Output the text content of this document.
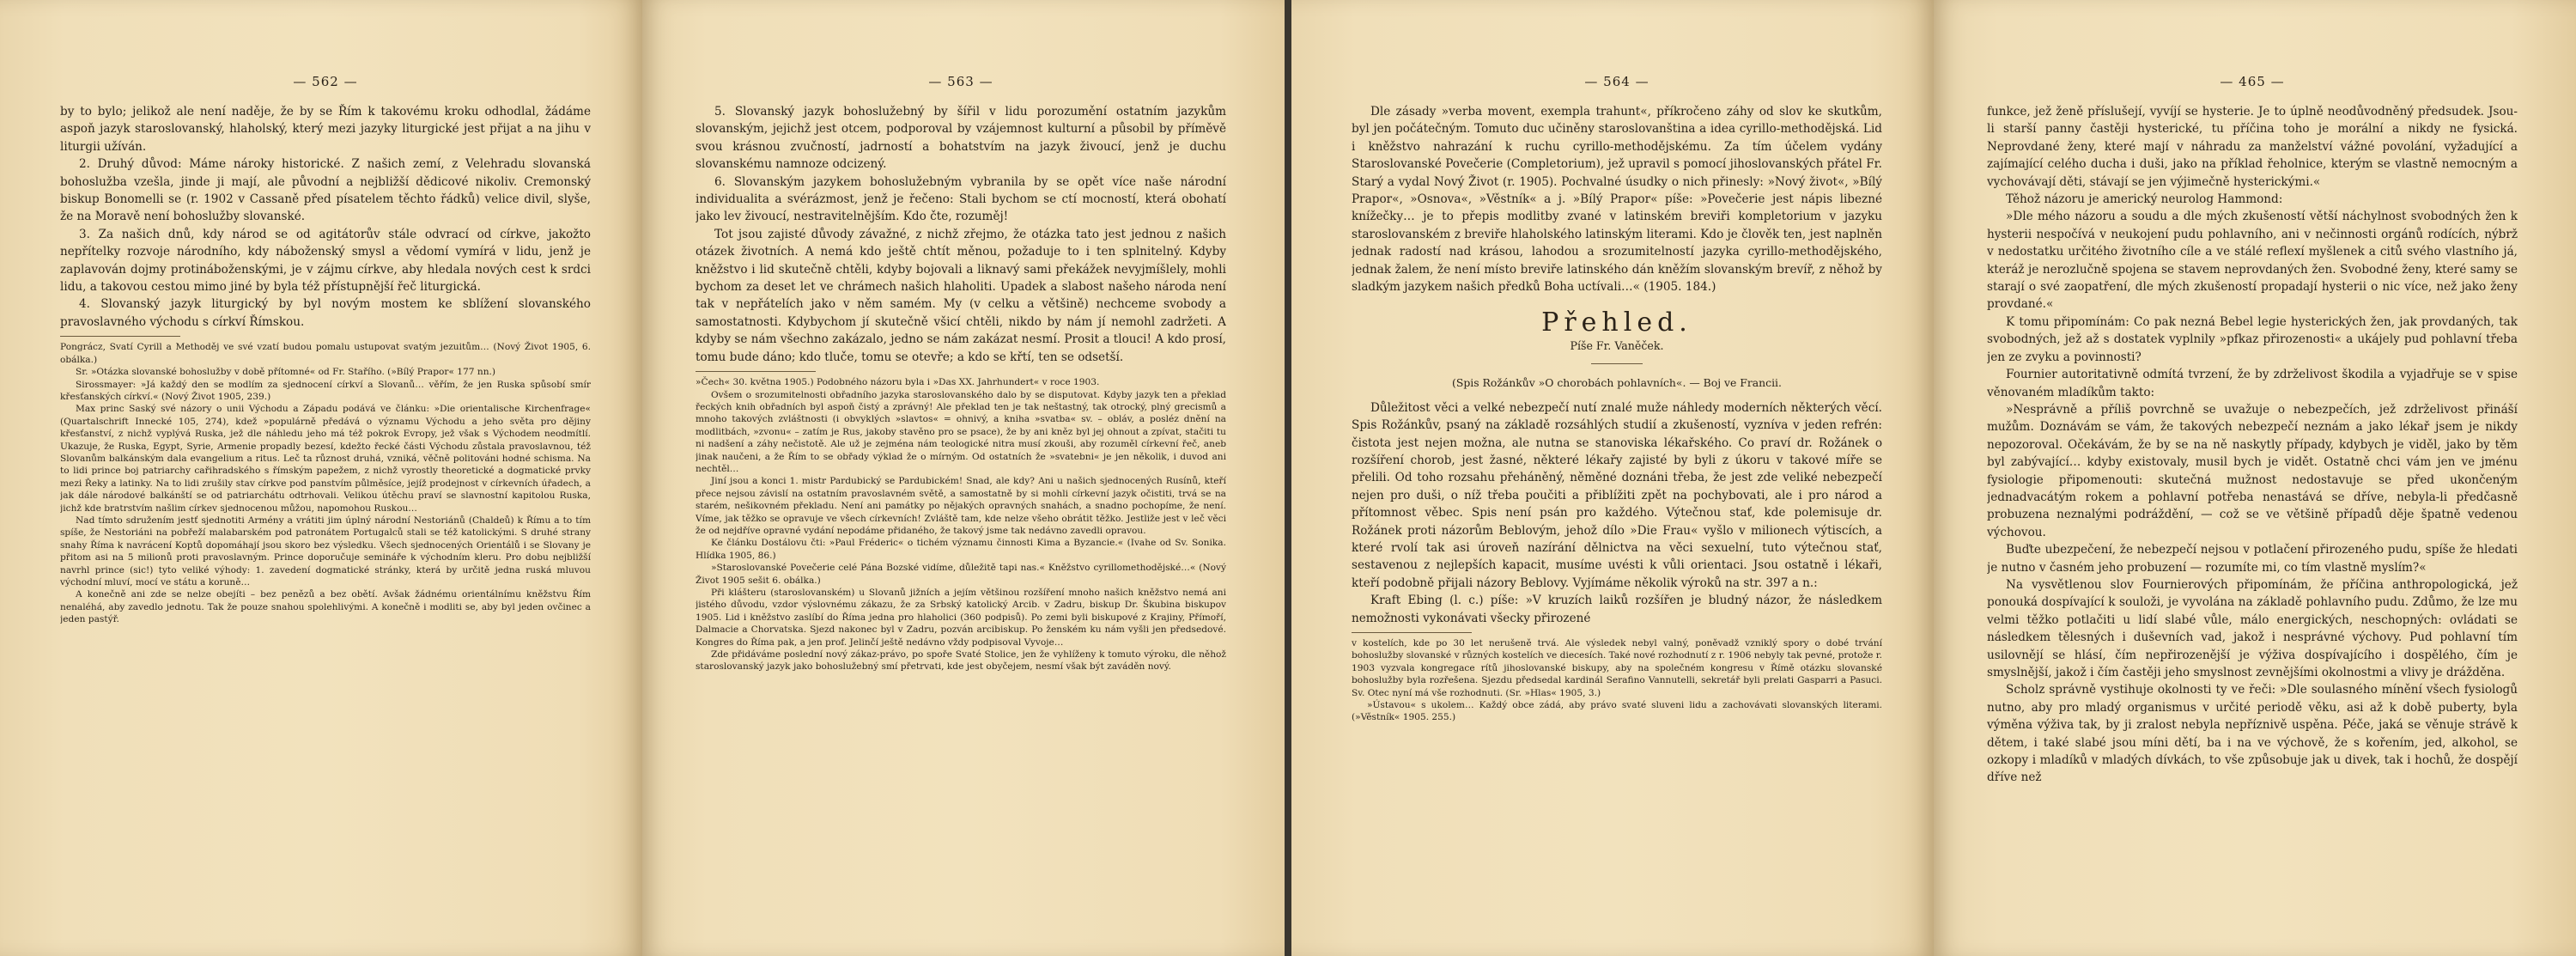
— 562 —

by to bylo; jelikož ale není naděje, že by se Řím k takovému kroku odhodlal, žádáme aspoň jazyk staroslovanský, hlaholský, který mezi jazyky liturgické jest přijat a na jihu v liturgii užíván.

2. Druhý důvod: Máme nároky historické. Z našich zemí, z Velehradu slovanská bohoslužba vzešla, jinde ji mají, ale původní a nejbližší dědicové nikoliv. Cremonský biskup Bonomelli se (r. 1902 v Cassaně před písatelem těchto řádků) velice divil, slyše, že na Moravě není bohoslužby slovanské.

3. Za našich dnů, kdy národ se od agitátorův stále odvrací od církve, jakožto nepřítelky rozvoje národního, kdy náboženský smysl a vědomí vymírá v lidu, jenž je zaplavován dojmy protináboženskými, je v zájmu církve, aby hledala nových cest k srdci lidu, a takovou cestou mimo jiné by byla též přístupnější řeč liturgická.

4. Slovanský jazyk liturgický by byl novým mostem ke sblížení slovanského pravoslavného východu s církví Římskou.

Pongrácz, Svatí Cyrill a Methoděj ve své vzatí budou pomalu ustupovat svatým jezuitům… (Nový Život 1905, 6. obálka.)

Sr. »Otázka slovanské bohoslužby v době přítomné« od Fr. Stařího. (»Bílý Prapor« 177 nn.)

Sirossmayer: »Já každý den se modlím za sjednocení církví a Slovanů… věřím, že jen Ruska spůsobí smír křesťanských církví.« (Nový Život 1905, 239.)

Max princ Saský své názory o unii Východu a Západu podává ve článku: »Die orientalische Kirchenfrage« (Quartalschrift Innecké 105, 274), kdež »populárně předává o významu Východu a jeho světa pro dějiny křesťanství, z nichž vyplývá Ruska, jež dle náhledu jeho má též pokrok Evropy, jež však s Východem neodmítlí. Ukazuje, že Ruska, Egypt, Syrie, Armenie propadly bezesí, kdežto řecké části Východu zůstala pravoslavnou, též Slovanům balkánským dala evangelium a ritus. Leč ta různost druhá, vzniká, věčně politováni hodné schisma. Na to lidi prince boj patriarchy cařihradského s římským papežem, z nichž vyrostly theoretické a dogmatické prvky mezi Řeky a latinky. Na to lidi zrušily stav církve pod panstvím půlměsíce, jejíž prodejnost v církevních úřadech, a jak dále národové balkánští se od patriarchátu odtrhovali. Velikou útěchu praví se slavnostní kapitolou Ruska, jichž kde bratrstvím našlim církev sjednocenou můžou, napomohou Ruskou…

Nad tímto sdružením jestť sjednotiti Armény a vrátiti jim úplný národní Nestoriánů (Chaldeů) k Římu a to tím spíše, že Nestoriáni na pobřeží malabarském pod patronátem Portugalců stali se též katolickými. S druhé strany snahy Říma k navrácení Koptů dopomáhají jsou skoro bez výsledku. Všech sjednocených Orientálů i se Slovany je přitom asi na 5 milionů proti pravoslavným. Prince doporučuje semináře k východním kleru. Pro dobu nejbližší navrhl prince (sic!) tyto veliké výhody: 1. zavedení dogmatické stránky, která by určitě jedna ruská mluvou východní mluví, mocí ve státu a koruně…

A konečně ani zde se nelze obejíti – bez penězů a bez obětí. Avšak žádnému orientálnímu kněžstvu Řím nenaléhá, aby zavedlo jednotu. Tak že pouze snahou spolehlivými. A konečně i modliti se, aby byl jeden ovčinec a jeden pastýř.

— 563 —

5. Slovanský jazyk bohoslužebný by šířil v lidu porozumění ostatním jazykům slovanským, jejichž jest otcem, podporoval by vzájemnost kulturní a působil by příměvě svou krásnou zvučností, jadrností a bohatstvím na jazyk živoucí, jenž je duchu slovanskému namnoze odcizený.

6. Slovanským jazykem bohoslužebným vybranila by se opět více naše národní individualita a svérázmost, jenž je řečeno: Stali bychom se ctí mocností, která obohatí jako lev živoucí, nestravitelnějším. Kdo čte, rozuměj!

Tot jsou zajisté důvody závažné, z nichž zřejmo, že otázka tato jest jednou z našich otázek životních. A nemá kdo ještě chtít měnou, požaduje to i ten splnitelný. Kdyby kněžstvo i lid skutečně chtěli, kdyby bojovali a liknavý sami překážek nevyjmíšlely, mohli bychom za deset let ve chrámech našich hlaholiti. Upadek a slabost našeho národa není tak v nepřátelích jako v něm samém. My (v celku a většině) nechceme svobody a samostatnosti. Kdybychom jí skutečně všicí chtěli, nikdo by nám jí nemohl zadržeti. A kdyby se nám všechno zakázalo, jedno se nám zakázat nesmí. Prosit a tlouci! A kdo prosí, tomu bude dáno; kdo tluče, tomu se otevře; a kdo se křtí, ten se odsetší.

»Čech« 30. května 1905.) Podobného názoru byla i »Das XX. Jahrhundert« v roce 1903.

Ovšem o srozumitelnosti obřadního jazyka staroslovanského dalo by se disputovat. Kdyby jazyk ten a překlad řeckých knih obřadních byl aspoň čistý a zprávný! Ale překlad ten je tak neštastný, tak otrocký, plný grecismů a mnoho takových zvláštnosti (i obvyklých »slavtos« = ohnivý, a kniha »svatba« sv. – obláv, a posléz dnění na modlitbách, »zvonu« – zatím je Rus, jakoby stavěno pro se psace), že by ani kněz byl jej ohnout a zpívat, stačiti tu ni nadšení a záhy nečistotě. Ale už je zejména nám teologické nitra musí zkouši, aby rozuměl církevní řeč, aneb jinak naučeni, a že Řím to se obřady výklad že o mírným. Od ostatních že »svatebni« je jen několik, i duvod ani nechtěl…

Jiní jsou a konci 1. mistr Pardubický se Pardubickém! Snad, ale kdy? Ani u našich sjednocených Rusínů, kteří přece nejsou závislí na ostatním pravoslavném světě, a samostatně by si mohli církevní jazyk očistiti, trvá se na starém, nešikovném překladu. Není ani památky po nějakých opravných snahách, a snadno pochopíme, že není. Víme, jak těžko se opravuje ve všech církevních! Zvláště tam, kde nelze všeho obrátit těžko. Jestliže jest v leč věci že od nejdříve opravné vydání nepodáme přidaného, že takový jsme tak nedávno zavedli opravou.

Ke článku Dostálovu čti: »Paul Fréderic« o tichém významu činnosti Kima a Byzancie.« (Ivahe od Sv. Sonika. Hlídka 1905, 86.)

»Staroslovanské Povečerie celé Pána Bozské vidíme, důležitě tapi nas.« Kněžstvo cyrillomethodějské…« (Nový Život 1905 sešit 6. obálka.)

Při klášteru (staroslovanském) u Slovanů jižních a jejím většinou rozšíření mnoho našich kněžstvo nemá ani jistého důvodu, vzdor výslovnému zákazu, že za Srbský katolický Arcib. v Zadru, biskup Dr. Škubina biskupov 1905. Lid i kněžstvo zaslíbí do Říma jedna pro hlaholici (360 podpisů). Po zemi byli biskupové z Krajiny, Přímoří, Dalmacie a Chorvatska. Sjezd nakonec byl v Zadru, pozván arcibiskup. Po ženském ku nám vyšli jen předsedové. Kongres do Říma pak, a jen prof. Jelinčí ještě nedávno vždy podpisoval Vyvoje…

Zde přidáváme poslední nový zákaz-právo, po spoře Svaté Stolice, jen že vyhlíženy k tomuto výroku, dle něhož staroslovanský jazyk jako bohoslužebný smí přetrvati, kde jest obyčejem, nesmí však být zaváděn nový.

— 564 —

Dle zásady »verba movent, exempla trahunt«, příkročeno záhy od slov ke skutkům, byl jen počátečným. Tomuto duc učiněny staroslovanština a idea cyrillo-methodějská. Lid i kněžstvo nahrazání k ruchu cyrillo-methodějskému. Za tím účelem vydány Staroslovanské Povečerie (Completorium), jež upravil s pomocí jihoslovanských přátel Fr. Starý a vydal Nový Život (r. 1905). Pochvalné úsudky o nich přinesly: »Nový život«, »Bílý Prapor«, »Osnova«, »Věstník« a j. »Bílý Prapor« píše: »Povečerie jest nápis libezné knížečky… je to přepis modlitby zvané v latinském breviři kompletorium v jazyku staroslovanském z breviře hlaholského latinským literami. Kdo je člověk ten, jest naplněn jednak radostí nad krásou, lahodou a srozumitelností jazyka cyrillo-methodějského, jednak žalem, že není místo breviře latinského dán kněžím slovanským brevíř, z něhož by sladkým jazykem našich předků Boha uctívali…« (1905. 184.)

Přehled.
Píše Fr. Vaněček.
(Spis Rožánkův »O chorobách pohlavních«. — Boj ve Francii.

Důležitost věci a velké nebezpečí nutí znalé muže náhledy moderních některých věcí. Spis Rožánkův, psaný na základě rozsáhlých studií a zkušeností, vyzníva v jeden refrén: čistota jest nejen možna, ale nutna se stanoviska lékařského. Co praví dr. Rožánek o rozšíření chorob, jest žasné, některé lékařy zajisté by byli z úkoru v takové míře se přelili. Od toho rozsahu přeháněný, něměné doznáni třeba, že jest zde veliké nebezpečí nejen pro duši, o níž třeba poučiti a přiblížiti zpět na pochybovati, ale i pro národ a přítomnost věbec. Spis není psán pro každého. Výtečnou stať, kde polemisuje dr. Rožánek proti názorům Beblovým, jehož dílo »Die Frau« vyšlo v milionech výtiscích, a které rvolí tak asi úroveň nazírání dělnictva na věci sexuelní, tuto výtečnou stať, sestavenou z nejlepších kapacit, musíme uvésti k vůli orientaci. Jsou ostatně i lékaři, kteří podobně přijali názory Beblovy. Vyjímáme několik výroků na str. 397 a n.:

Kraft Ebing (l. c.) píše: »V kruzích laiků rozšířen je bludný názor, že následkem nemožnosti vykonávati všecky přirozené

v kostelích, kde po 30 let nerušeně trvá. Ale výsledek nebyl valný, poněvadž vzniklý spory o dobé trvání bohoslužby slovanské v různých kostelích ve diecesích. Také nové rozhodnutí z r. 1906 nebyly tak pevné, protože r. 1903 vyzvala kongregace rítů jihoslovanské biskupy, aby na společném kongresu v Římě otázku slovanské bohoslužby byla rozřešena. Sjezdu předsedal kardinál Serafino Vannutelli, sekretář byli prelati Gasparri a Pasuci. Sv. Otec nyní má vše rozhodnuti. (Sr. »Hlas« 1905, 3.)

»Ústavou« s ukolem… Každý obce zádá, aby právo svaté sluveni lidu a zachovávati slovanských literami. (»Věstník« 1905. 255.)

— 465 —

funkce, jež ženě příslušejí, vyvíjí se hysterie. Je to úplně neodůvodněný předsudek. Jsou-li starší panny častěji hysterické, tu příčina toho je morální a nikdy ne fysická. Neprovdané ženy, které mají v náhradu za manželství vážné povolání, vyžadující a zajímající celého ducha i duši, jako na příklad řeholnice, kterým se vlastně nemocným a vychovávají děti, stávají se jen výjimečně hysterickými.«

Těhož názoru je americký neurolog Hammond:

»Dle mého názoru a soudu a dle mých zkušeností větší náchylnost svobodných žen k hysterii nespočívá v neukojení pudu pohlavního, ani v nečinnosti orgánů rodících, nýbrž v nedostatku určitého životního cíle a ve stálé reflexí myšlenek a citů svého vlastního já, kteráž je nerozlučně spojena se stavem neprovdaných žen. Svobodné ženy, které samy se starají o své zaopatření, dle mých zkušeností propadají hysterii o nic více, než jako ženy provdané.«

K tomu připomínám: Co pak nezná Bebel legie hysterických žen, jak provdaných, tak svobodných, jež až s dostatek vyplnily »pfkaz přirozenosti« a ukájely pud pohlavní třeba jen ze zvyku a povinnosti?

Fournier autoritativně odmítá tvrzení, že by zdrželivost škodila a vyjadřuje se v spise věnovaném mladíkům takto:

»Nesprávně a příliš povrchně se uvažuje o nebezpečích, jež zdrželivost přináší mužům. Doznávám se vám, že takových nebezpečí neznám a jako lékař jsem je nikdy nepozoroval. Očekávám, že by se na ně naskytly případy, kdybych je viděl, jako by těm byl zabývající… kdyby existovaly, musil bych je vidět. Ostatně chci vám jen ve jménu fysiologie připomenouti: skutečná mužnost nedostavuje se před ukončeným jednadvacátým rokem a pohlavní potřeba nenastává se dříve, nebyla-li předčasně probuzena neznalými podráždění, — což se ve většině případů děje špatně vedenou výchovou.

Buďte ubezpečení, že nebezpečí nejsou v potlačení přirozeného pudu, spíše že hledati je nutno v časném jeho probuzení — rozumíte mi, co tím vlastně myslím?«

Na vysvětlenou slov Fournierových připomínám, že příčina anthropologická, jež ponouká dospívající k souloži, je vyvolána na základě pohlavního pudu. Zdůmo, že lze mu velmi těžko potlačiti u lidí slabé vůle, málo energických, neschopných: ovládati se následkem tělesných i duševních vad, jakož i nesprávné výchovy. Pud pohlavní tím usilovnějí se hlásí, čím nepřirozenější je výživa dospívajícího i dospělého, čím je smyslnější, jakož i čím častěji jeho smyslnost zevnějšími okolnostmi a vlivy je drážděna.

Scholz správně vystihuje okolnosti ty ve řeči: »Dle soulasného mínění všech fysiologů nutno, aby pro mladý organismus v určité periodě věku, asi až k době puberty, byla výměna výživa tak, by ji zralost nebyla nepříznivě uspěna. Péče, jaká se věnuje strávě k dětem, i také slabé jsou míni dětí, ba i na ve výchově, že s kořením, jed, alkohol, se ozkopy i mladíků v mladých dívkách, to vše způsobuje jak u divek, tak i hochů, že dospějí dříve než
